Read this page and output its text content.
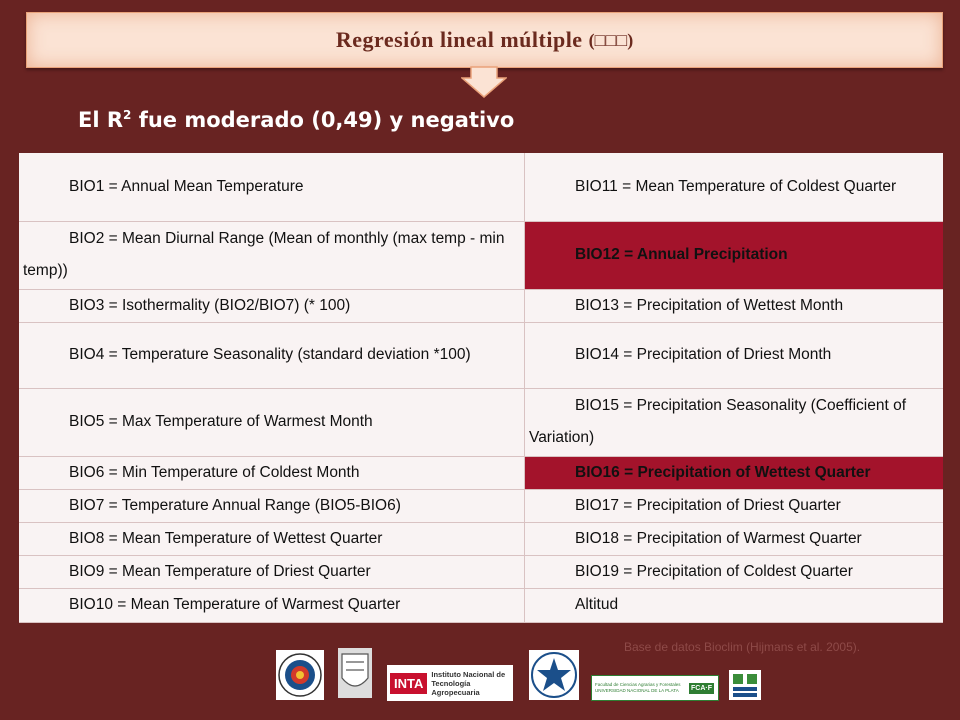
Regresión lineal múltiple (□□□)
El $R^2$ fue moderado (0,49) y negativo
BIO1 = Annual Mean Temperature	BIO11 = Mean Temperature of Coldest Quarter
BIO2 = Mean Diurnal Range (Mean of monthly (max temp - min temp))	BIO12 = Annual Precipitation
BIO3 = Isothermality (BIO2/BIO7) (* 100)	BIO13 = Precipitation of Wettest Month
BIO4 = Temperature Seasonality (standard deviation *100)	BIO14 = Precipitation of Driest Month
BIO5 = Max Temperature of Warmest Month	BIO15 = Precipitation Seasonality (Coefficient of Variation)
BIO6 = Min Temperature of Coldest Month	BIO16 = Precipitation of Wettest Quarter
BIO7 = Temperature Annual Range (BIO5-BIO6)	BIO17 = Precipitation of Driest Quarter
BIO8 = Mean Temperature of Wettest Quarter	BIO18 = Precipitation of Warmest Quarter
BIO9 = Mean Temperature of Driest Quarter	BIO19 = Precipitation of Coldest Quarter
BIO10 = Mean Temperature of Warmest Quarter	Altitud
Base de datos Bioclim (Hijmans et al. 2005).
INTA
Instituto Nacional de
Tecnología Agropecuaria
Facultad de Ciencias Agrarias y Forestales
UNIVERSIDAD NACIONAL DE LA PLATA	FCA·F
